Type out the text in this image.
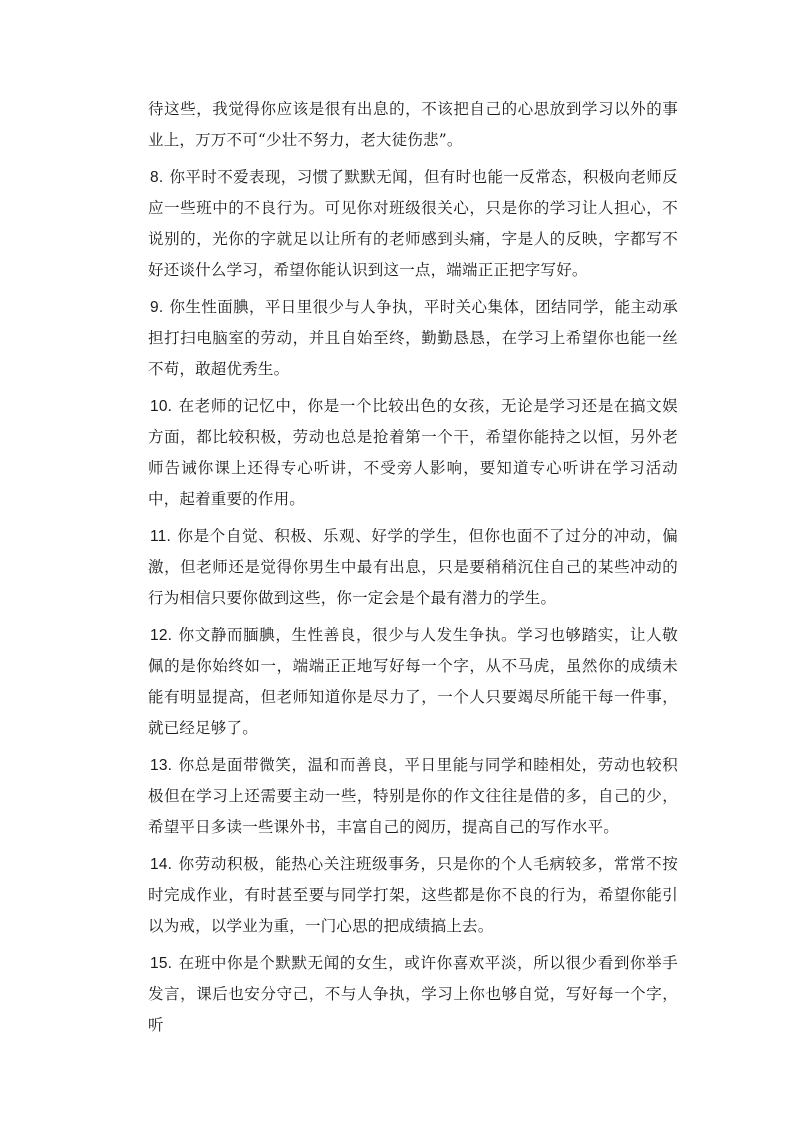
待这些，我觉得你应该是很有出息的，不该把自己的心思放到学习以外的事业上，万万不可“少壮不努力，老大徒伤悲”。

8. 你平时不爱表现，习惯了默默无闻，但有时也能一反常态，积极向老师反应一些班中的不良行为。可见你对班级很关心，只是你的学习让人担心，不说别的，光你的字就足以让所有的老师感到头痛，字是人的反映，字都写不好还谈什么学习，希望你能认识到这一点，端端正正把字写好。

9. 你生性面腆，平日里很少与人争执，平时关心集体，团结同学，能主动承担打扫电脑室的劳动，并且自始至终，勤勤恳恳，在学习上希望你也能一丝不苟，敢超优秀生。

10. 在老师的记忆中，你是一个比较出色的女孩，无论是学习还是在搞文娱方面，都比较积极，劳动也总是抢着第一个干，希望你能持之以恒，另外老师告诫你课上还得专心听讲，不受旁人影响，要知道专心听讲在学习活动中，起着重要的作用。

11. 你是个自觉、积极、乐观、好学的学生，但你也面不了过分的冲动，偏激，但老师还是觉得你男生中最有出息，只是要稍稍沉住自己的某些冲动的行为相信只要你做到这些，你一定会是个最有潜力的学生。

12. 你文静而腼腆，生性善良，很少与人发生争执。学习也够踏实，让人敬佩的是你始终如一，端端正正地写好每一个字，从不马虎，虽然你的成绩未能有明显提高，但老师知道你是尽力了，一个人只要竭尽所能干每一件事，就已经足够了。

13. 你总是面带微笑，温和而善良，平日里能与同学和睦相处，劳动也较积极但在学习上还需要主动一些，特别是你的作文往往是借的多，自己的少，希望平日多读一些课外书，丰富自己的阅历，提高自己的写作水平。

14. 你劳动积极，能热心关注班级事务，只是你的个人毛病较多，常常不按时完成作业，有时甚至要与同学打架，这些都是你不良的行为，希望你能引以为戒，以学业为重，一门心思的把成绩搞上去。

15. 在班中你是个默默无闻的女生，或许你喜欢平淡，所以很少看到你举手发言，课后也安分守己，不与人争执，学习上你也够自觉，写好每一个字，听
